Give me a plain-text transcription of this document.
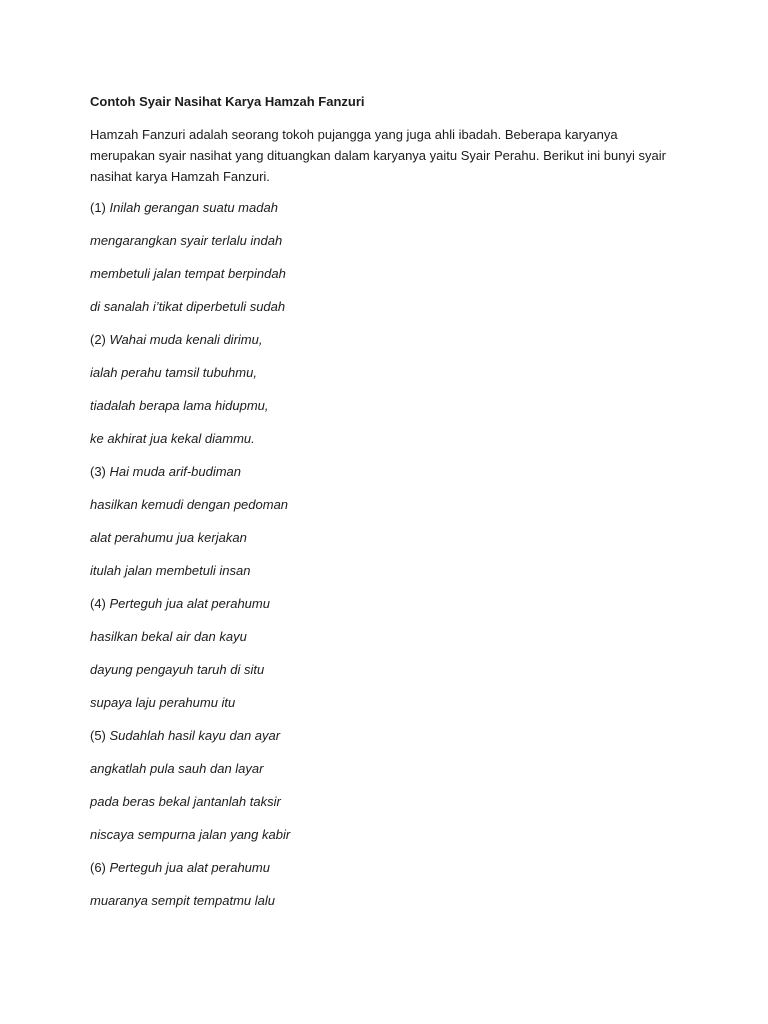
Contoh Syair Nasihat Karya Hamzah Fanzuri
Hamzah Fanzuri adalah seorang tokoh pujangga yang juga ahli ibadah. Beberapa karyanya merupakan syair nasihat yang dituangkan dalam karyanya yaitu Syair Perahu. Berikut ini bunyi syair nasihat karya Hamzah Fanzuri.
(1) Inilah gerangan suatu madah
mengarangkan syair terlalu indah
membetuli jalan tempat berpindah
di sanalah i’tikat diperbetuli sudah
(2) Wahai muda kenali dirimu,
ialah perahu tamsil tubuhmu,
tiadalah berapa lama hidupmu,
ke akhirat jua kekal diammu.
(3) Hai muda arif-budiman
hasilkan kemudi dengan pedoman
alat perahumu jua kerjakan
itulah jalan membetuli insan
(4) Perteguh jua alat perahumu
hasilkan bekal air dan kayu
dayung pengayuh taruh di situ
supaya laju perahumu itu
(5) Sudahlah hasil kayu dan ayar
angkatlah pula sauh dan layar
pada beras bekal jantanlah taksir
niscaya sempurna jalan yang kabir
(6) Perteguh jua alat perahumu
muaranya sempit tempatmu lalu
